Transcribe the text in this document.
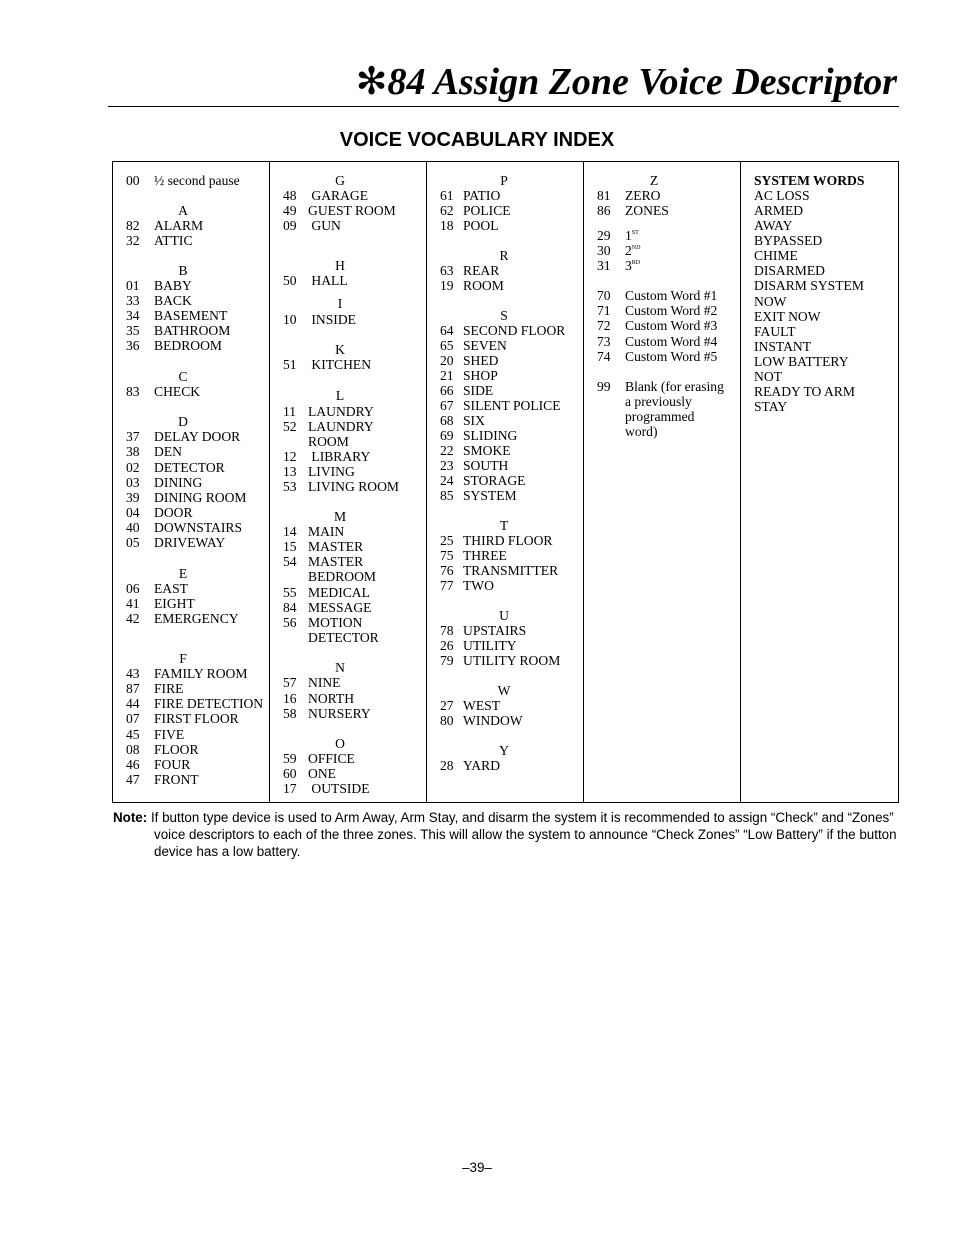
✻84 Assign Zone Voice Descriptor
VOICE VOCABULARY INDEX
00	½ second pause
A
82	ALARM
32	ATTIC
B
01	BABY
33	BACK
34	BASEMENT
35	BATHROOM
36	BEDROOM
C
83	CHECK
D
37	DELAY DOOR
38	DEN
02	DETECTOR
03	DINING
39	DINING ROOM
04	DOOR
40	DOWNSTAIRS
05	DRIVEWAY
E
06	EAST
41	EIGHT
42	EMERGENCY
F
43	FAMILY ROOM
87	FIRE
44	FIRE DETECTION
07	FIRST FLOOR
45	FIVE
08	FLOOR
46	FOUR
47	FRONT
G
48 GARAGE
49 GUEST ROOM
09 GUN
H
50 HALL
I
10 INSIDE
K
51 KITCHEN
L
11 LAUNDRY
52 LAUNDRY
ROOM
12 LIBRARY
13 LIVING
53 LIVING ROOM
M
14 MAIN
15 MASTER
54 MASTER
BEDROOM
55 MEDICAL
84 MESSAGE
56 MOTION
DETECTOR
N
57 NINE
16 NORTH
58 NURSERY
O
59 OFFICE
60 ONE
17 OUTSIDE
P
61 PATIO
62 POLICE
18 POOL
R
63 REAR
19 ROOM
S
64 SECOND FLOOR
65 SEVEN
20 SHED
21 SHOP
66 SIDE
67 SILENT POLICE
68 SIX
69 SLIDING
22 SMOKE
23 SOUTH
24 STORAGE
85 SYSTEM
T
25 THIRD FLOOR
75 THREE
76 TRANSMITTER
77 TWO
U
78 UPSTAIRS
26 UTILITY
79 UTILITY ROOM
W
27 WEST
80 WINDOW
Y
28 YARD
Z
81	ZERO
86	ZONES
29	1ST
30	2ND
31	3RD
70	Custom Word #1
71	Custom Word #2
72	Custom Word #3
73	Custom Word #4
74	Custom Word #5
99	Blank (for erasing
a previously
programmed
word)
SYSTEM WORDS
AC LOSS
ARMED
AWAY
BYPASSED
CHIME
DISARMED
DISARM SYSTEM
NOW
EXIT NOW
FAULT
INSTANT
LOW BATTERY
NOT
READY TO ARM
STAY

Note: If button type device is used to Arm Away, Arm Stay, and disarm the system it is recommended to assign “Check” and “Zones” voice descriptors to each of the three zones. This will allow the system to announce “Check Zones” “Low Battery” if the button device has a low battery.

–39–
